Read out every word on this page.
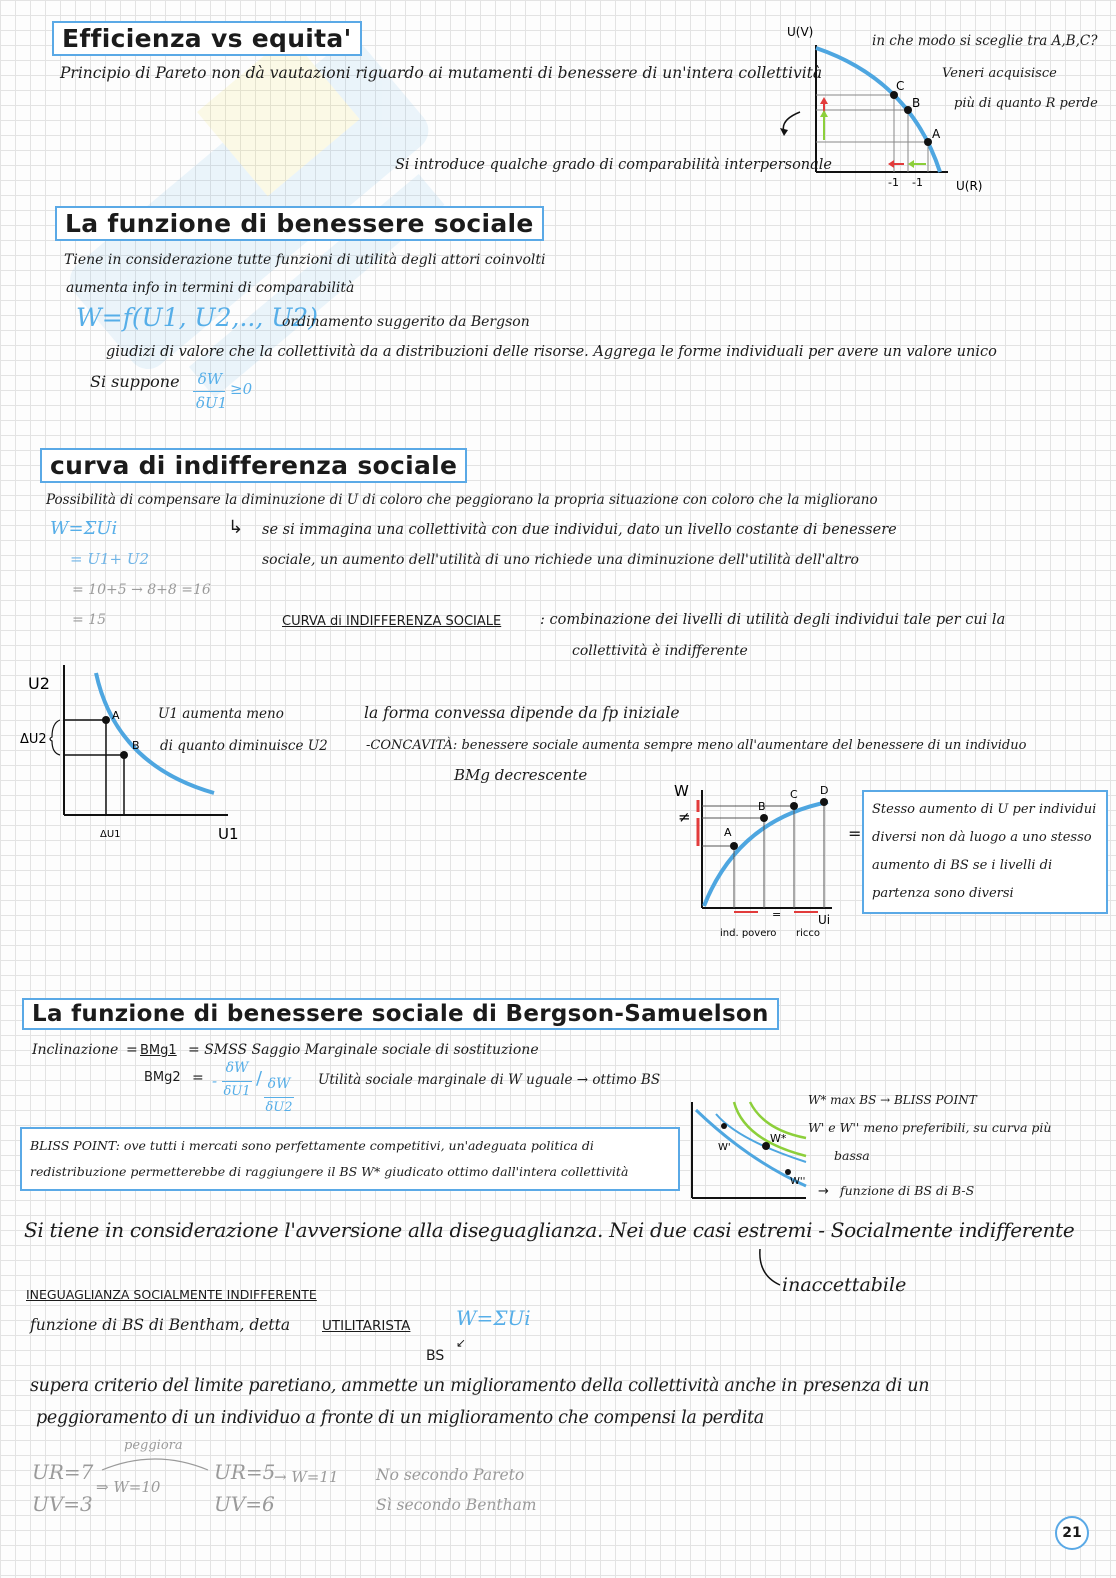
Efficienza vs equita'
Principio di Pareto non dà vautazioni riguardo ai mutamenti di benessere di un'intera collettività
Si introduce qualche grado di comparabilità interpersonale
U(V)
C
B
A
-1 -1	U(R)
in che modo si sceglie tra A,B,C?
Veneri acquisisce
più di quanto R perde
La funzione di benessere sociale
Tiene in considerazione tutte funzioni di utilità degli attori coinvolti
aumenta info in termini di comparabilità
W=f(U1, U2,.., U2)
ordinamento suggerito da Bergson
giudizi di valore che la collettività da a distribuzioni delle risorse. Aggrega le forme individuali per avere un valore unico
Si suppone δW
δU1
≥0
curva di indifferenza sociale
Possibilità di compensare la diminuzione di U di coloro che peggiorano la propria situazione con coloro che la migliorano
W=ΣUi
= U1+ U2
= 10+5 → 8+8 =16
= 15
↳ se si immagina una collettività con due individui, dato un livello costante di benessere
sociale, un aumento dell'utilità di uno richiede una diminuzione dell'utilità dell'altro
CURVA di INDIFFERENZA SOCIALE	: combinazione dei livelli di utilità degli individui tale per cui la
collettività è indifferente
U2
A
B
ΔU2
ΔU1	U1
U1 aumenta meno
di quanto diminuisce U2
la forma convessa dipende da fp iniziale
-CONCAVITÀ: benessere sociale aumenta sempre meno all'aumentare del benessere di un individuo
BMg decrescente
W
≠
A
B
C D
=
ind. povero ricco
Ui
=
Stesso aumento di U per individui diversi non dà luogo a uno stesso aumento di BS se i livelli di partenza sono diversi
La funzione di benessere sociale di Bergson-Samuelson
Inclinazione = BMg1 = SMSS Saggio Marginale sociale di sostituzione
BMg2 = -
δW
δU1
/ δW
δU2
Utilità sociale marginale di W uguale → ottimo BS
BLISS POINT: ove tutti i mercati sono perfettamente competitivi, un'adeguata politica di redistribuzione permetterebbe di raggiungere il BS W* giudicato ottimo dall'intera collettività
W'
W*
W''
W* max BS → BLISS POINT
W' e W'' meno preferibili, su curva più
bassa
→ funzione di BS di B-S
Si tiene in considerazione l'avversione alla diseguaglianza. Nei due casi estremi - Socialmente indifferente
inaccettabile
INEGUAGLIANZA SOCIALMENTE INDIFFERENTE
funzione di BS di Bentham, detta UTILITARISTA W=ΣUi
BS
↙
supera criterio del limite paretiano, ammette un miglioramento della collettività anche in presenza di un
peggioramento di un individuo a fronte di un miglioramento che compensi la perdita
peggiora
UR=7
UV=3
⇒ W=10
UR=5
UV=6
→ W=11 No secondo Pareto
Sì secondo Bentham
21
